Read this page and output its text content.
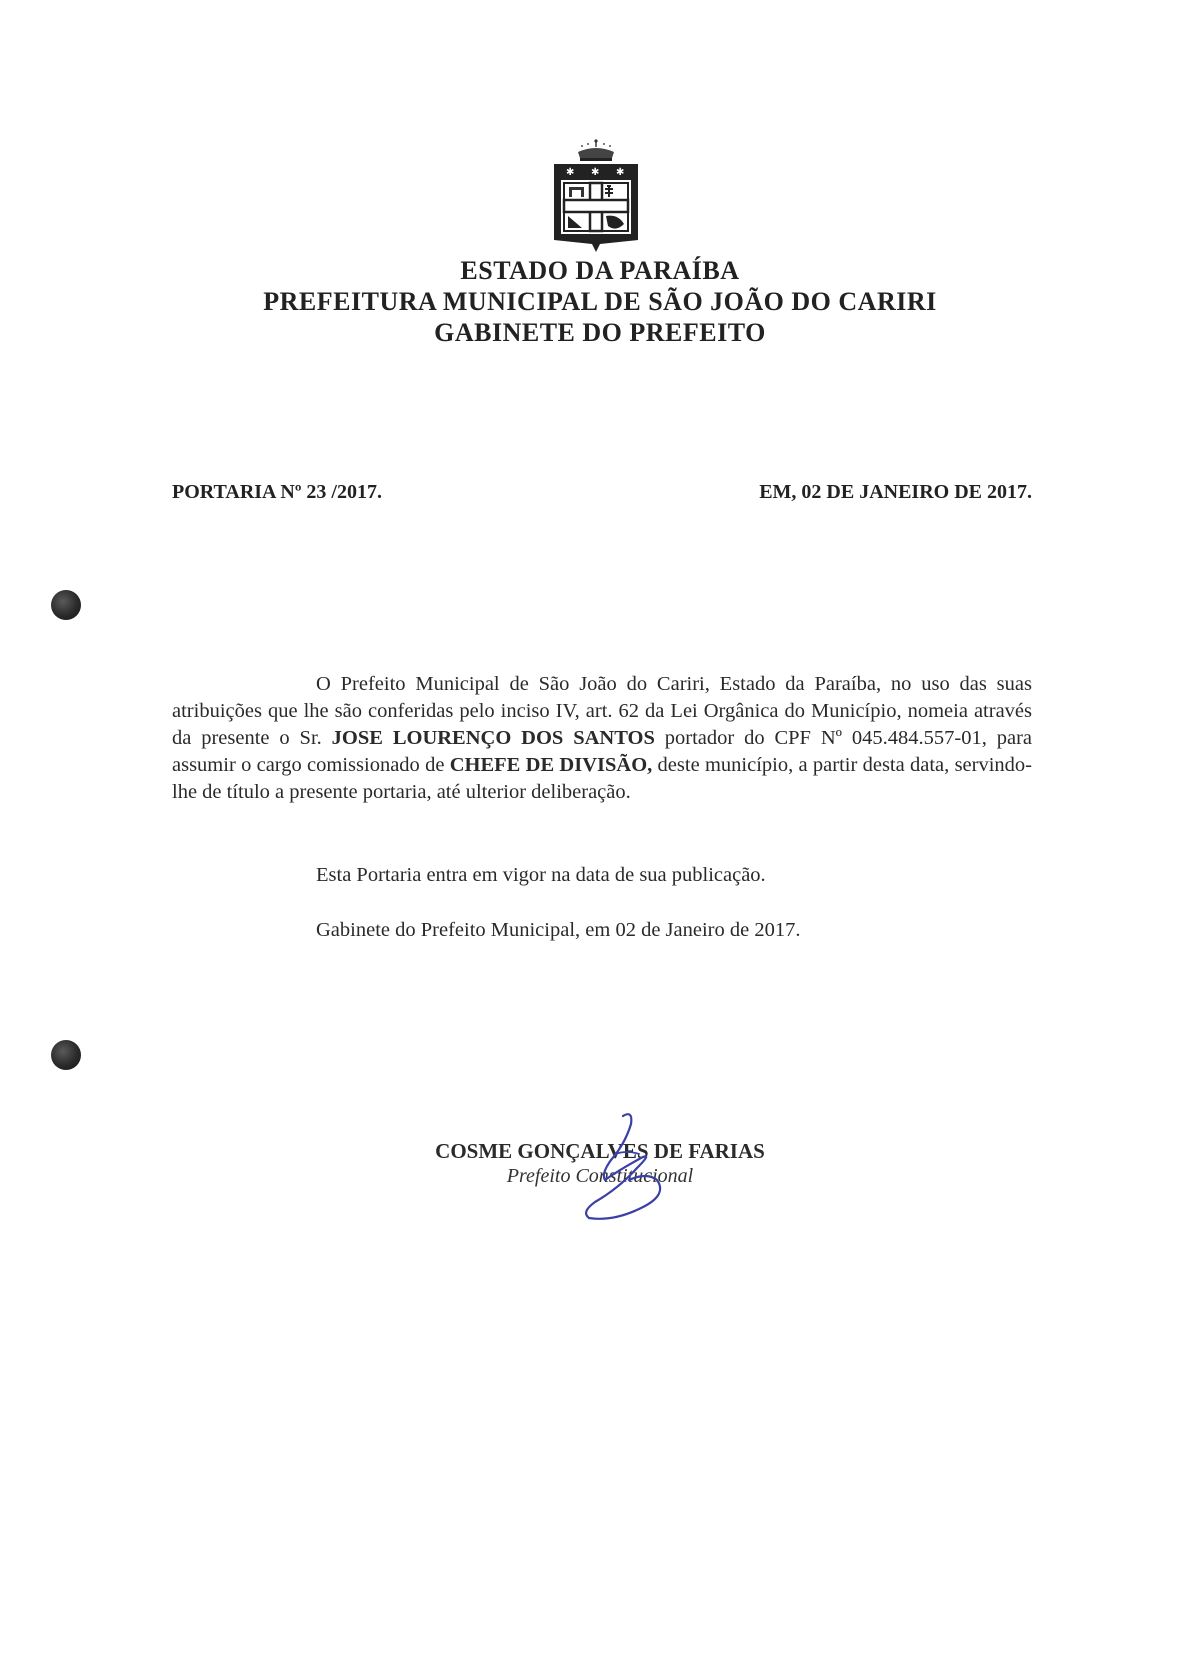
✱ ✱ ✱
ESTADO DA PARAÍBA
PREFEITURA MUNICIPAL DE SÃO JOÃO DO CARIRI
GABINETE DO PREFEITO
PORTARIA Nº 23 /2017.	EM, 02 DE JANEIRO DE 2017.

O Prefeito Municipal de São João do Cariri, Estado da Paraíba, no uso das suas atribuições que lhe são conferidas pelo inciso IV, art. 62 da Lei Orgânica do Município, nomeia através da presente o Sr. JOSE LOURENÇO DOS SANTOS portador do CPF Nº 045.484.557-01, para assumir o cargo comissionado de CHEFE DE DIVISÃO, deste município, a partir desta data, servindo-lhe de título a presente portaria, até ulterior deliberação.

Esta Portaria entra em vigor na data de sua publicação.
Gabinete do Prefeito Municipal, em 02 de Janeiro de 2017.
COSME GONÇALVES DE FARIAS
Prefeito Constitucional
